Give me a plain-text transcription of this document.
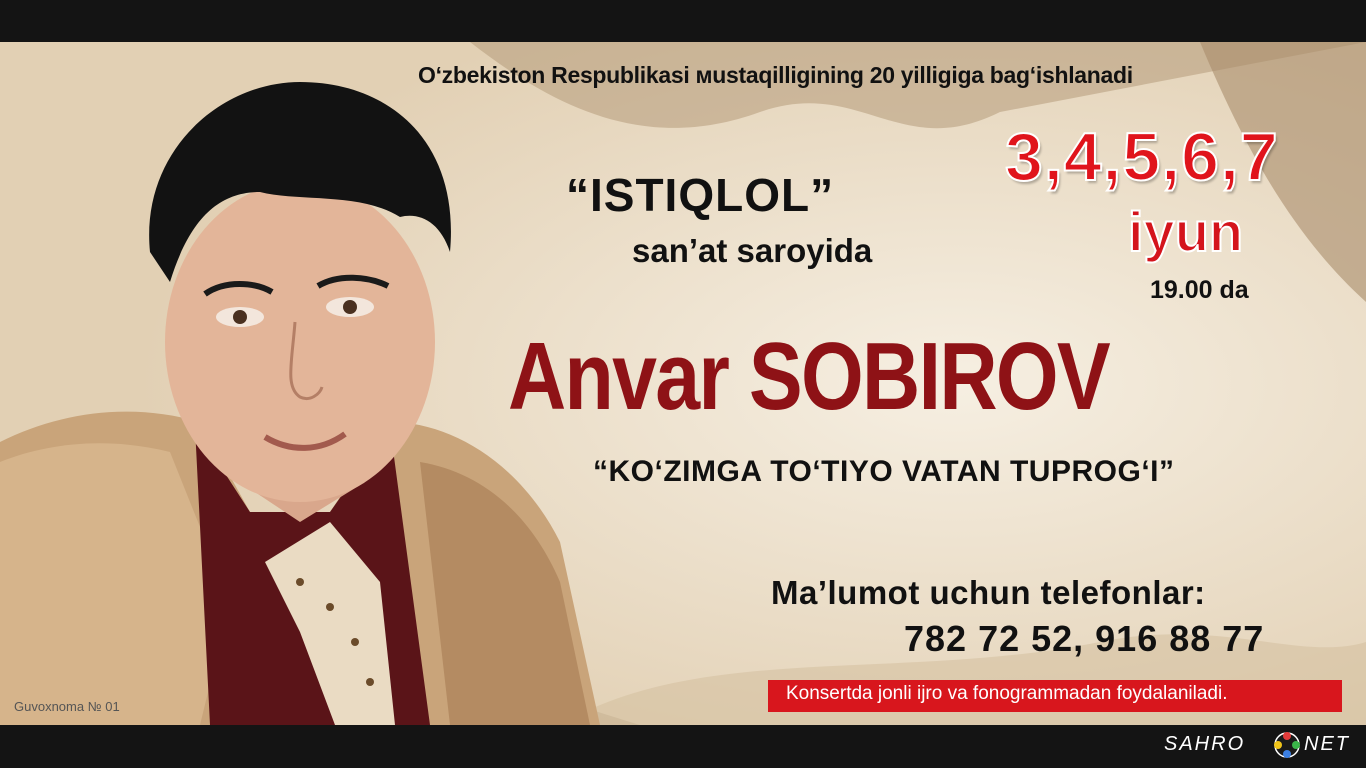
O‘zbekiston Respublikasi мustaqilligining 20 yilligiga bag‘ishlanadi
“ISTIQLOL”
san’at saroyida
3,4,5,6,7
iyun
19.00 da
Anvar SOBIROV
“KO‘ZIMGA TO‘TIYO VATAN TUPROG‘I”
Ma’lumot uchun telefonlar:
782 72 52, 916 88 77
Konsertda jonli ijro va fonogrammadan foydalaniladi.
Guvoxnoma № 01
SAHRO	NET
